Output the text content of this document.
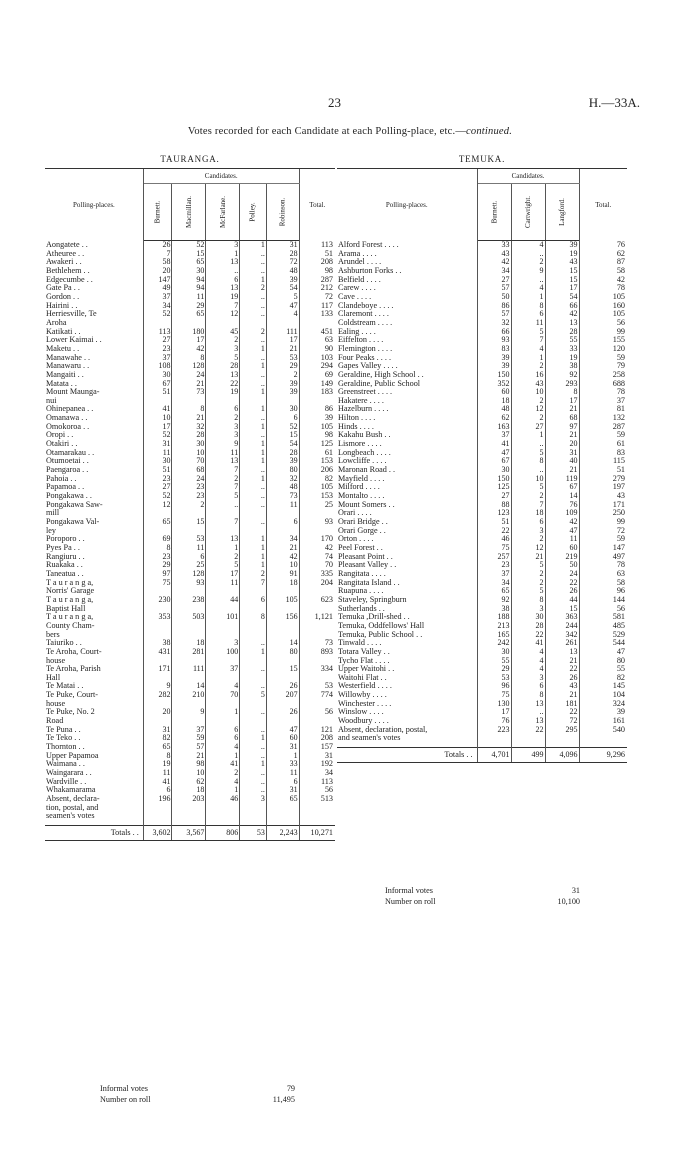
23	H.—33A.
Votes recorded for each Candidate at each Polling-place, etc.—continued.
TAURANGA.						
Polling-places.	Candidates.					Total.
	Burnett.	Macmillan.	McFarlane.	Polley.	Robinson.	
Aongatete . .	26	52	3	1	31	113
Atheuree . .	7	15	1	..	28	51
Awakeri . .	58	65	13	..	72	208
Bethlehem . .	20	30	..	..	48	98
Edgecumbe . .	147	94	6	1	39	287
Gate Pa . .	49	94	13	2	54	212
Gordon . .	37	11	19	..	5	72
Hairini . .	34	29	7	..	47	117
Herriesville, Te	52	65	12	..	4	133
Aroha						
Katikati . .	113	180	45	2	111	451
Lower Kaimai . .	27	17	2	..	17	63
Maketu . .	23	42	3	1	21	90
Manawahe . .	37	8	5	..	53	103
Manawaru . .	108	128	28	1	29	294
Mangaiti . .	30	24	13	..	2	69
Matata . .	67	21	22	..	39	149
Mount Maunga-	51	73	19	1	39	183
nui						
Ohinepanea . .	41	8	6	1	30	86
Omanawa . .	10	21	2	..	6	39
Omokoroa . .	17	32	3	1	52	105
Oropi . .	52	28	3	..	15	98
Otakiri . .	31	30	9	1	54	125
Otamarakau . .	11	10	11	1	28	61
Otumoetai . .	30	70	13	1	39	153
Paengaroa . .	51	68	7	..	80	206
Pahoia . .	23	24	2	1	32	82
Papamoa . .	27	23	7	..	48	105
Pongakawa . .	52	23	5	..	73	153
Pongakawa Saw-	12	2	..	..	11	25
mill						
Pongakawa Val-	65	15	7	..	6	93
ley						
Poroporo . .	69	53	13	1	34	170
Pyes Pa . .	8	11	1	1	21	42
Rangiuru . .	23	6	2	1	42	74
Ruakaka . .	29	25	5	1	10	70
Taneatua . .	97	128	17	2	91	335
T a u r a n g a,	75	93	11	7	18	204
Norris' Garage						
T a u r a n g a,	230	238	44	6	105	623
Baptist Hall						
T a u r a n g a,	353	503	101	8	156	1,121
County Cham-						
bers						
Taiuriko . .	38	18	3	..	14	73
Te Aroha, Court-	431	281	100	1	80	893
house						
Te Aroha, Parish	171	111	37	..	15	334
Hall						
Te Matai . .	9	14	4	..	26	53
Te Puke, Court-	282	210	70	5	207	774
house						
Te Puke, No. 2	20	9	1	..	26	56
Road						
Te Puna . .	31	37	6	..	47	121
Te Teko . .	82	59	6	1	60	208
Thornton . .	65	57	4	..	31	157
Upper Papamoa	8	21	1	..	1	31
Waimana . .	19	98	41	1	33	192
Waingarara . .	11	10	2	..	11	34
Wardville . .	41	62	4	..	6	113
Whakamarama	6	18	1	..	31	56
Absent, declara-	196	203	46	3	65	513
tion, postal, and						
seamen's votes						

Totals . .	3,602	3,567	806	53	2,243	10,271
TEMUKA.				
Polling-places.	Candidates.			Total.
	Burnett.	Cartwright.	Langford.	
Alford Forest . . . .	33	4	39	76
Arama . . . .	43	..	19	62
Arundel . . . .	42	2	43	87
Ashburton Forks . .	34	9	15	58
Belfield . . . .	27	..	15	42
Carew . . . .	57	4	17	78
Cave . . . .	50	1	54	105
Clandeboye . . . .	86	8	66	160
Claremont . . . .	57	6	42	105
Coldstream . . . .	32	11	13	56
Ealing . . . .	66	5	28	99
Eiffelton . . . .	93	7	55	155
Flemington . . . .	83	4	33	120
Four Peaks . . . .	39	1	19	59
Gapes Valley . . . .	39	2	38	79
Geraldine, High School . .	150	16	92	258
Geraldine, Public School	352	43	293	688
Greenstreet . . . .	60	10	8	78
Hakatere . . . .	18	2	17	37
Hazelburn . . . .	48	12	21	81
Hilton . . . .	62	2	68	132
Hinds . . . .	163	27	97	287
Kakahu Bush . .	37	1	21	59
Lismore . . . .	41	..	20	61
Longbeach . . . .	47	5	31	83
Lowcliffe . . . .	67	8	40	115
Maronan Road . .	30	..	21	51
Mayfield . . . .	150	10	119	279
Milford . . . .	125	5	67	197
Montalto . . . .	27	2	14	43
Mount Somers . .	88	7	76	171
Orari . . . .	123	18	109	250
Orari Bridge . .	51	6	42	99
Orari Gorge . .	22	3	47	72
Orton . . . .	46	2	11	59
Peel Forest . .	75	12	60	147
Pleasant Point . .	257	21	219	497
Pleasant Valley . .	23	5	50	78
Rangitata . . . .	37	2	24	63
Rangitata Island . .	34	2	22	58
Ruapuna . . . .	65	5	26	96
Staveley, Springburn	92	8	44	144
Sutherlands . .	38	3	15	56
Temuka ,Drill-shed . .	188	30	363	581
Temuka, Oddfellows' Hall	213	28	244	485
Temuka, Public School . .	165	22	342	529
Tinwald . . . .	242	41	261	544
Totara Valley . .	30	4	13	47
Tycho Flat . . . .	55	4	21	80
Upper Waitohi . .	29	4	22	55
Waitohi Flat . .	53	3	26	82
Westerfield . . . .	96	6	43	145
Willowby . . . .	75	8	21	104
Winchester . . . .	130	13	181	324
Winslow . . . .	17	..	22	39
Woodbury . . . .	76	13	72	161
Absent, declaration, postal,	223	22	295	540
and seamen's votes				

Totals . .	4,701	499	4,096	9,296
Informal votes	79
Number on roll	11,495
Informal votes	31
Number on roll	10,100
